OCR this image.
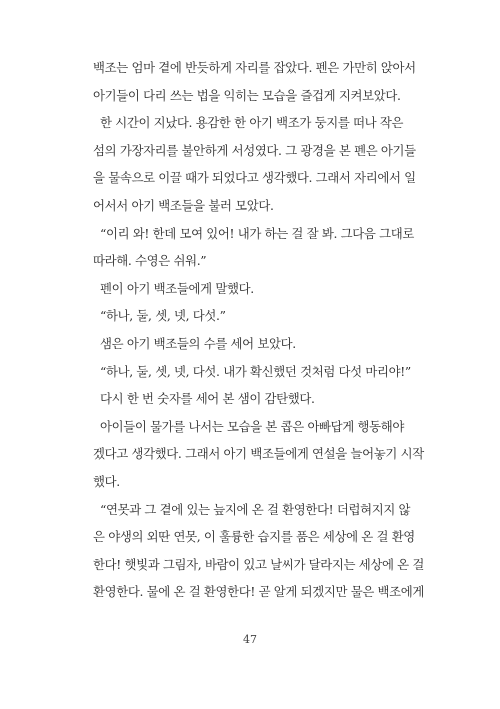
백조는 엄마 곁에 반듯하게 자리를 잡았다. 펜은 가만히 앉아서
아기들이 다리 쓰는 법을 익히는 모습을 즐겁게 지켜보았다.

한 시간이 지났다. 용감한 한 아기 백조가 둥지를 떠나 작은
섬의 가장자리를 불안하게 서성였다. 그 광경을 본 펜은 아기들
을 물속으로 이끌 때가 되었다고 생각했다. 그래서 자리에서 일
어서서 아기 백조들을 불러 모았다.

“이리 와! 한데 모여 있어! 내가 하는 걸 잘 봐. 그다음 그대로
따라해. 수영은 쉬워.”

펜이 아기 백조들에게 말했다.

“하나, 둘, 셋, 넷, 다섯.”

샘은 아기 백조들의 수를 세어 보았다.

“하나, 둘, 셋, 넷, 다섯. 내가 확신했던 것처럼 다섯 마리야!”

다시 한 번 숫자를 세어 본 샘이 감탄했다.

아이들이 물가를 나서는 모습을 본 콥은 아빠답게 행동해야
겠다고 생각했다. 그래서 아기 백조들에게 연설을 늘어놓기 시작
했다.

“연못과 그 곁에 있는 늪지에 온 걸 환영한다! 더럽혀지지 않
은 야생의 외딴 연못, 이 훌륭한 습지를 품은 세상에 온 걸 환영
한다! 햇빛과 그림자, 바람이 있고 날씨가 달라지는 세상에 온 걸
환영한다. 물에 온 걸 환영한다! 곧 알게 되겠지만 물은 백조에게

47
